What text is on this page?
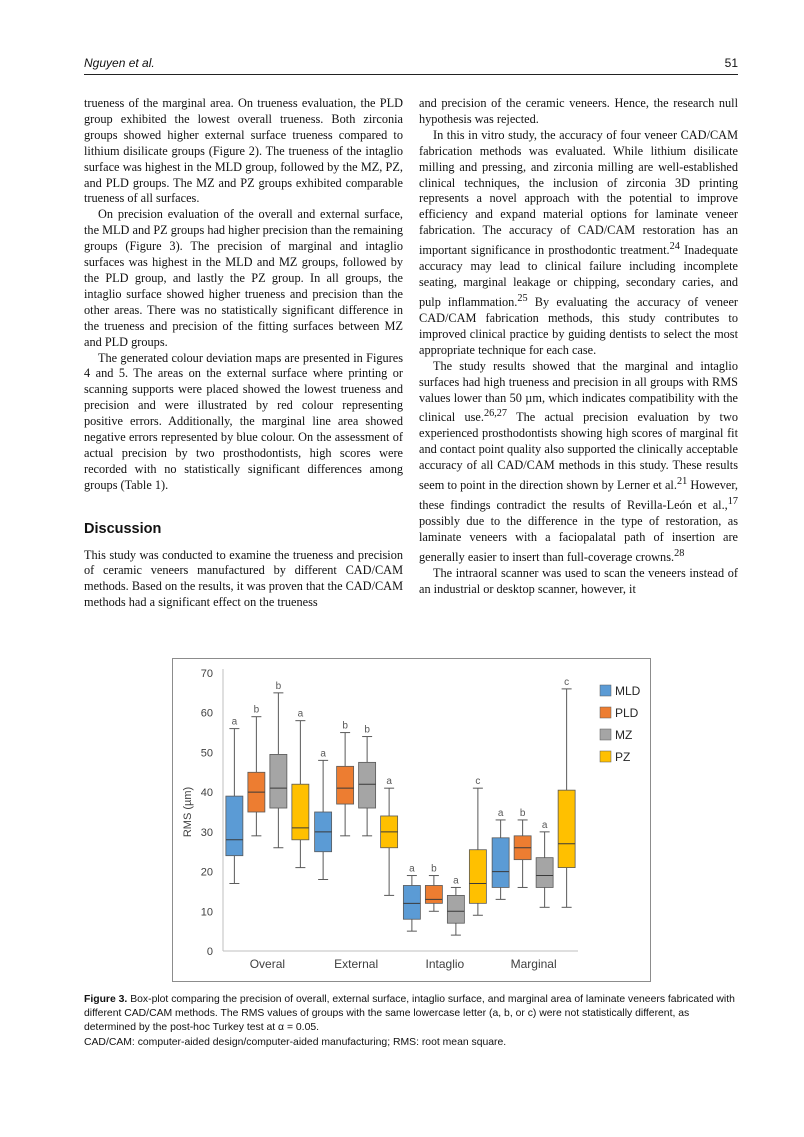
Nguyen et al.	51

trueness of the marginal area. On trueness evaluation, the PLD group exhibited the lowest overall trueness. Both zirconia groups showed higher external surface trueness compared to lithium disilicate groups (Figure 2). The trueness of the intaglio surface was highest in the MLD group, followed by the MZ, PZ, and PLD groups. The MZ and PZ groups exhibited comparable trueness of all surfaces.

On precision evaluation of the overall and external surface, the MLD and PZ groups had higher precision than the remaining groups (Figure 3). The precision of marginal and intaglio surfaces was highest in the MLD and MZ groups, followed by the PLD group, and lastly the PZ group. In all groups, the intaglio surface showed higher trueness and precision than the other areas. There was no statistically significant difference in the trueness and precision of the fitting surfaces between MZ and PLD groups.

The generated colour deviation maps are presented in Figures 4 and 5. The areas on the external surface where printing or scanning supports were placed showed the lowest trueness and precision and were illustrated by red colour representing positive errors. Additionally, the marginal line area showed negative errors represented by blue colour. On the assessment of actual precision by two prosthodontists, high scores were recorded with no statistically significant differences among groups (Table 1).

Discussion

This study was conducted to examine the trueness and precision of ceramic veneers manufactured by different CAD/CAM methods. Based on the results, it was proven that the CAD/CAM methods had a significant effect on the trueness

and precision of the ceramic veneers. Hence, the research null hypothesis was rejected.

In this in vitro study, the accuracy of four veneer CAD/CAM fabrication methods was evaluated. While lithium disilicate milling and pressing, and zirconia milling are well-established clinical techniques, the inclusion of zirconia 3D printing represents a novel approach with the potential to improve efficiency and expand material options for laminate veneer fabrication. The accuracy of CAD/CAM restoration has an important significance in prosthodontic treatment.$^{24}$ Inadequate accuracy may lead to clinical failure including incomplete seating, marginal leakage or chipping, secondary caries, and pulp inflammation.$^{25}$ By evaluating the accuracy of veneer CAD/CAM fabrication methods, this study contributes to improved clinical practice by guiding dentists to select the most appropriate technique for each case.

The study results showed that the marginal and intaglio surfaces had high trueness and precision in all groups with RMS values lower than 50 µm, which indicates compatibility with the clinical use.$^{26,27}$ The actual precision evaluation by two experienced prosthodontists showing high scores of marginal fit and contact point quality also supported the clinically acceptable accuracy of all CAD/CAM methods in this study. These results seem to point in the direction shown by Lerner et al.$^{21}$ However, these findings contradict the results of Revilla-León et al.,$^{17}$ possibly due to the difference in the type of restoration, as laminate veneers with a faciopalatal path of insertion are generally easier to insert than full-coverage crowns.$^{28}$

The intraoral scanner was used to scan the veneers instead of an industrial or desktop scanner, however, it

0
10
20
30
40
50
60
70
RMS (µm)
a
b
b
a
Overal
a
b b
a
External
a b
a
c
Intaglio
a b
a
c
Marginal
MLD
PLD
MZ
PZ

Figure 3. Box-plot comparing the precision of overall, external surface, intaglio surface, and marginal area of laminate veneers fabricated with different CAD/CAM methods. The RMS values of groups with the same lowercase letter (a, b, or c) were not statistically different, as determined by the post-hoc Turkey test at α = 0.05.

CAD/CAM: computer-aided design/computer-aided manufacturing; RMS: root mean square.
